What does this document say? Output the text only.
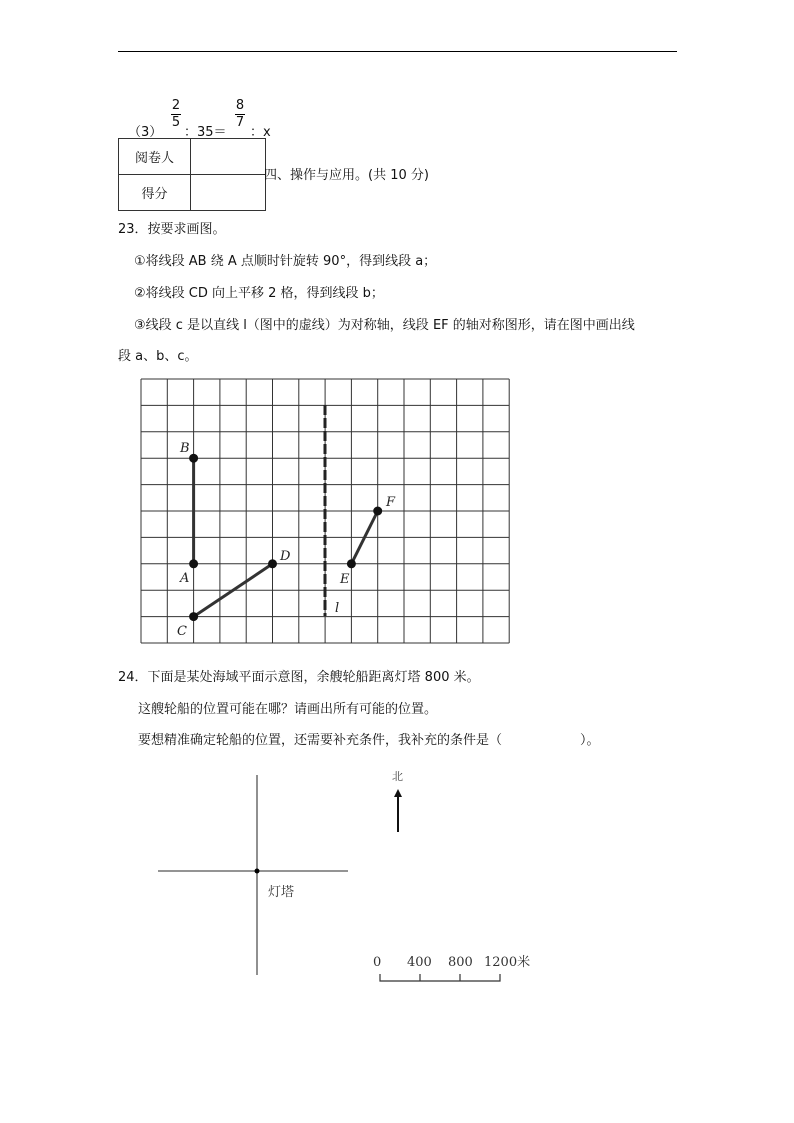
（3）
2
5
：35＝
8
7
：x
阅卷人	
得分	
四、操作与应用。(共 10 分)
23．按要求画图。
①将线段 AB 绕 A 点顺时针旋转 90°，得到线段 a；
②将线段 CD 向上平移 2 格，得到线段 b；
③线段 c 是以直线 l（图中的虚线）为对称轴，线段 EF 的轴对称图形，请在图中画出线
段 a、b、c。
B
A
C
D
E
F
l
灯塔
北
0 400 800 1200米
24．下面是某处海域平面示意图，余艘轮船距离灯塔 800 米。
这艘轮船的位置可能在哪？请画出所有可能的位置。
要想精准确定轮船的位置，还需要补充条件，我补充的条件是（　　　　　　）。
